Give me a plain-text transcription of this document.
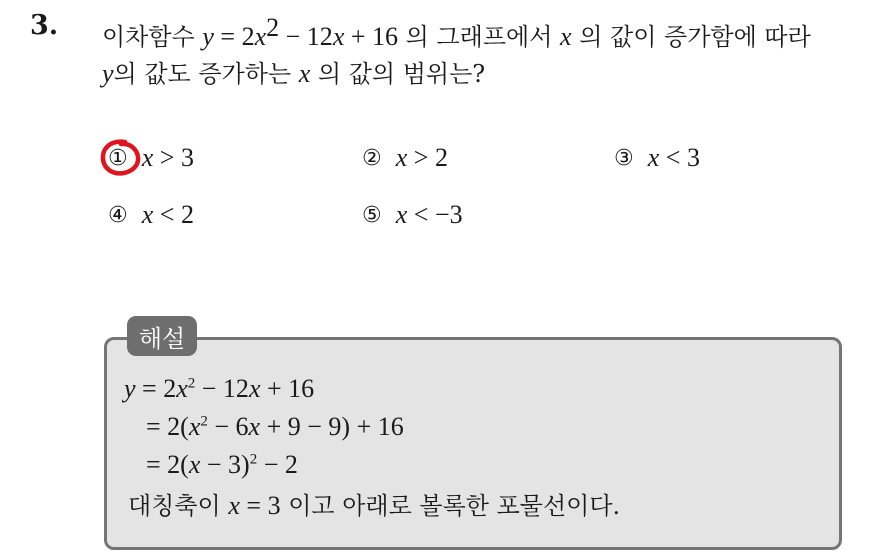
3. 이차함수 $y = 2x^2 - 12x + 16$ 의 그래프에서 x 의 값이 증가함에 따라
y의 값도 증가하는 x 의 값의 범위는?
① x > 3	② x > 2	③ x < 3
④ x < 2	⑤ x < −3
해설
$y = 2x^2 - 12x + 16$
= $2(x^2 - 6x + 9 - 9) + 16$
= $2(x - 3)^2 - 2$
대칭축이 x = 3 이고 아래로 볼록한 포물선이다.
